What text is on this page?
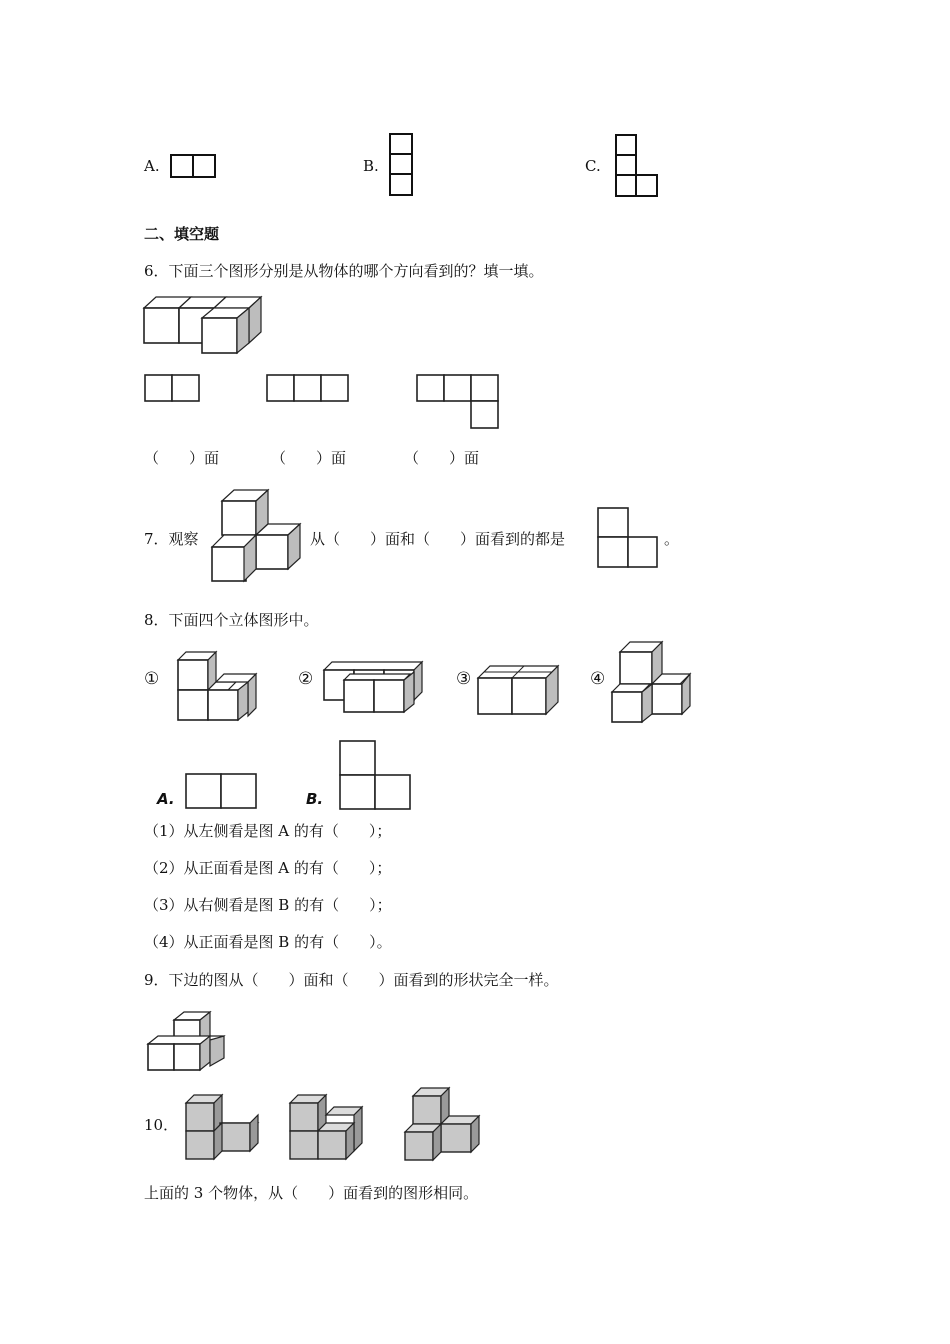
A.	B.	C.
二、填空题
6．下面三个图形分别是从物体的哪个方向看到的？填一填。
（　　）面	（　　）面	（　　）面
7．观察	从（　　）面和（　　）面看到的都是	。
8．下面四个立体图形中。
①	②	③	④
A.	B.
（1）从左侧看是图 A 的有（　　）；
（2）从正面看是图 A 的有（　　）；
（3）从右侧看是图 B 的有（　　）；
（4）从正面看是图 B 的有（　　）。
9．下边的图从（　　）面和（　　）面看到的形状完全一样。
10．
上面的 3 个物体，从（　　）面看到的图形相同。
